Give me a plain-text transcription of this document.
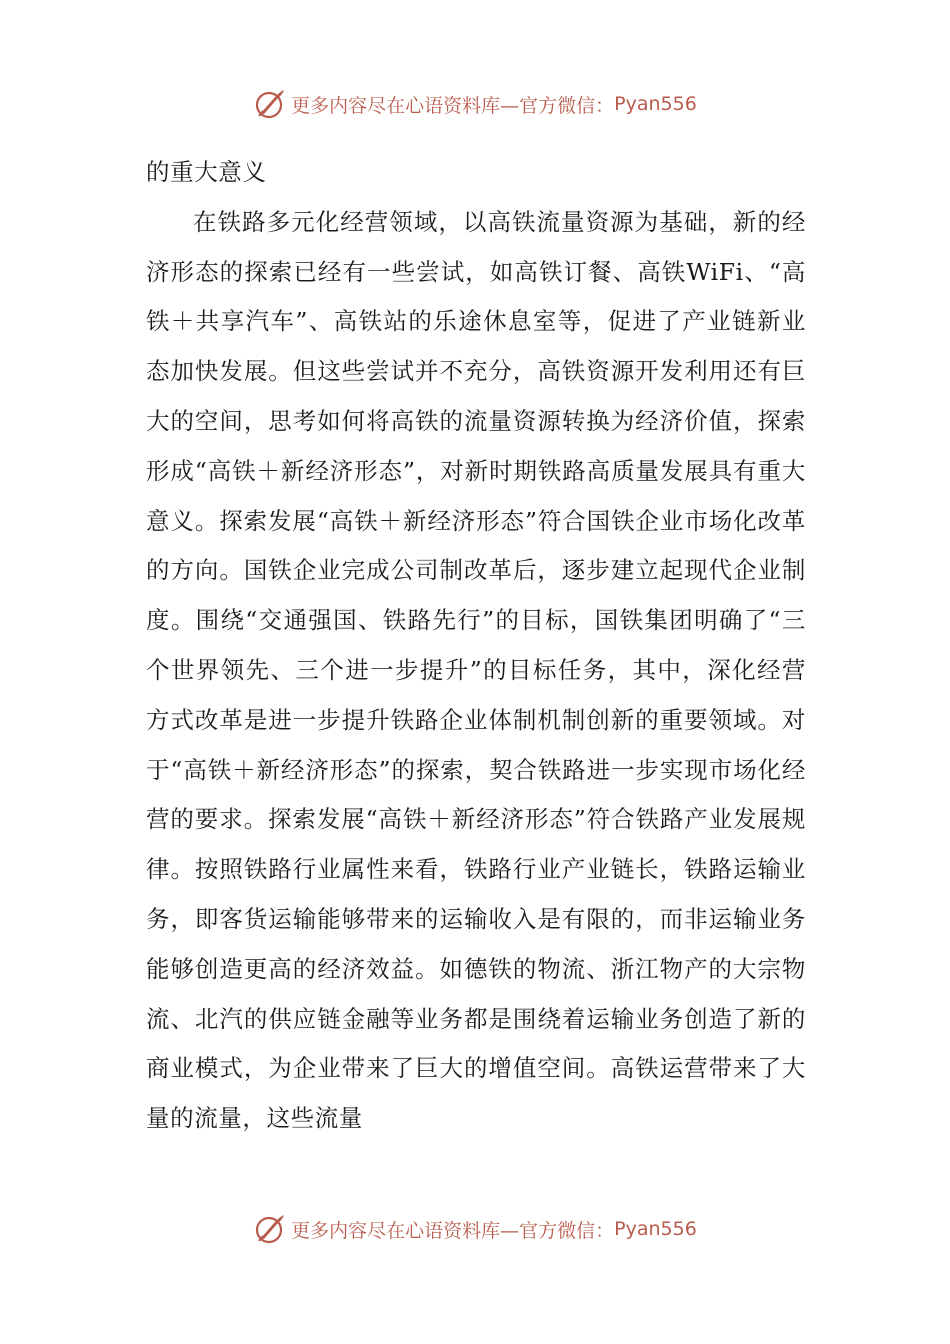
更多内容尽在心语资料库—官方微信： Pyan556

的重大意义

在铁路多元化经营领域，以高铁流量资源为基础，新的经济形态的探索已经有一些尝试，如高铁订餐、高铁WiFi、“高铁＋共享汽车”、高铁站的乐途休息室等，促进了产业链新业态加快发展。但这些尝试并不充分，高铁资源开发利用还有巨大的空间，思考如何将高铁的流量资源转换为经济价值，探索形成“高铁＋新经济形态”，对新时期铁路高质量发展具有重大意义。探索发展“高铁＋新经济形态”符合国铁企业市场化改革的方向。国铁企业完成公司制改革后，逐步建立起现代企业制度。围绕“交通强国、铁路先行”的目标，国铁集团明确了“三个世界领先、三个进一步提升”的目标任务，其中，深化经营方式改革是进一步提升铁路企业体制机制创新的重要领域。对于“高铁＋新经济形态”的探索，契合铁路进一步实现市场化经营的要求。探索发展“高铁＋新经济形态”符合铁路产业发展规律。按照铁路行业属性来看，铁路行业产业链长，铁路运输业务，即客货运输能够带来的运输收入是有限的，而非运输业务能够创造更高的经济效益。如德铁的物流、浙江物产的大宗物流、北汽的供应链金融等业务都是围绕着运输业务创造了新的商业模式，为企业带来了巨大的增值空间。高铁运营带来了大量的流量，这些流量

更多内容尽在心语资料库—官方微信： Pyan556
